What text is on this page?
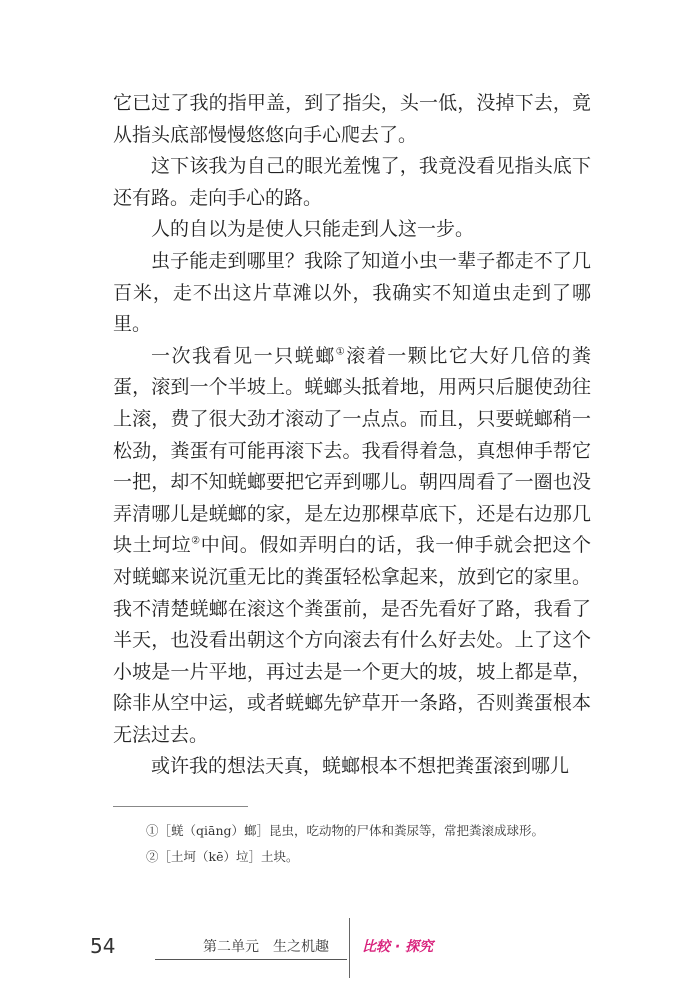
它已过了我的指甲盖，到了指尖，头一低，没掉下去，竟从指头底部慢慢悠悠向手心爬去了。

这下该我为自己的眼光羞愧了，我竟没看见指头底下还有路。走向手心的路。

人的自以为是使人只能走到人这一步。

虫子能走到哪里？我除了知道小虫一辈子都走不了几百米，走不出这片草滩以外，我确实不知道虫走到了哪里。

一次我看见一只蜣螂①滚着一颗比它大好几倍的粪蛋，滚到一个半坡上。蜣螂头抵着地，用两只后腿使劲往上滚，费了很大劲才滚动了一点点。而且，只要蜣螂稍一松劲，粪蛋有可能再滚下去。我看得着急，真想伸手帮它一把，却不知蜣螂要把它弄到哪儿。朝四周看了一圈也没弄清哪儿是蜣螂的家，是左边那棵草底下，还是右边那几块土坷垃②中间。假如弄明白的话，我一伸手就会把这个对蜣螂来说沉重无比的粪蛋轻松拿起来，放到它的家里。我不清楚蜣螂在滚这个粪蛋前，是否先看好了路，我看了半天，也没看出朝这个方向滚去有什么好去处。上了这个小坡是一片平地，再过去是一个更大的坡，坡上都是草，除非从空中运，或者蜣螂先铲草开一条路，否则粪蛋根本无法过去。

或许我的想法天真，蜣螂根本不想把粪蛋滚到哪儿

①［蜣（qiāng）螂］昆虫，吃动物的尸体和粪尿等，常把粪滚成球形。
②［土坷（kē）垃］土块。
54	第二单元　生之机趣 比较 · 探究
